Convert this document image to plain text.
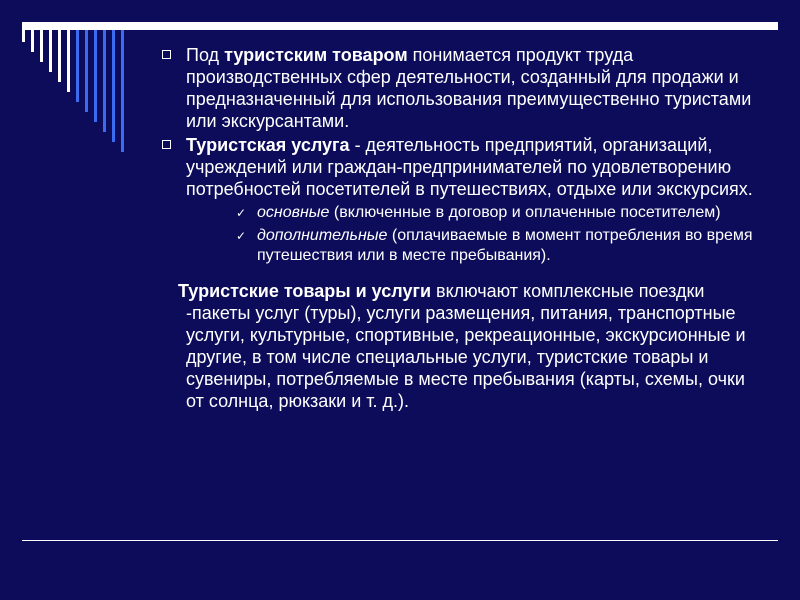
Под туристским товаром понимается продукт труда производственных сфер деятельности, созданный для продажи и предназначенный для использования преимущественно туристами или экскурсантами.
Туристская услуга - деятельность предприятий, организаций, учреждений или граждан-предпринимателей по удовлетворению потребностей посетителей в путешествиях, отдыхе или экскурсиях.
✓ основные (включенные в договор и оплаченные посетителем)
✓ дополнительные (оплачиваемые в момент потребления во время путешествия или в месте пребывания).
Туристские товары и услуги включают комплексные поездки -пакеты услуг (туры), услуги размещения, питания, транспортные услуги, культурные, спортивные, рекреационные, экскурсионные и другие, в том числе специальные услуги, туристские товары и сувениры, потребляемые в месте пребывания (карты, схемы, очки от солнца, рюкзаки и т. д.).
